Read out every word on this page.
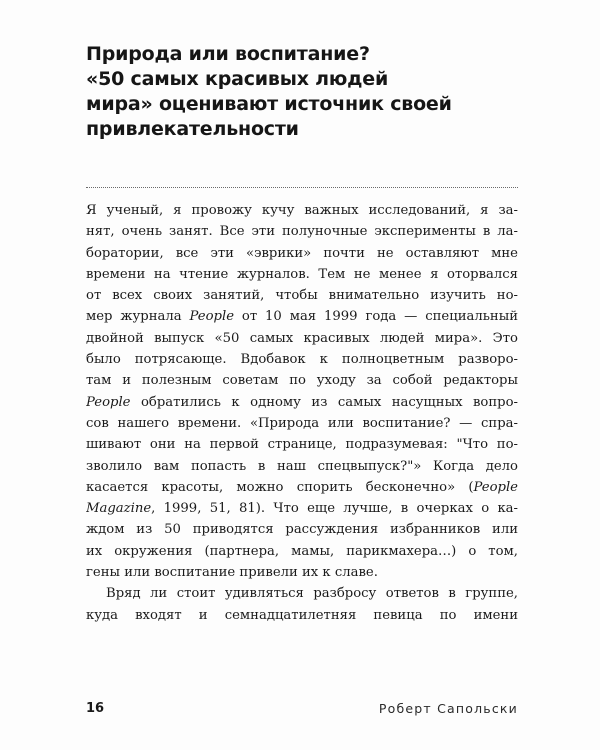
Природа или воспитание?
«50 самых красивых людей
мира» оценивают источник своей
привлекательности
Я ученый, я провожу кучу важных исследований, я за-
нят, очень занят. Все эти полуночные эксперименты в ла-
боратории, все эти «эврики» почти не оставляют мне
времени на чтение журналов. Тем не менее я оторвался
от всех своих занятий, чтобы внимательно изучить но-
мер журнала People от 10 мая 1999 года — специальный
двойной выпуск «50 самых красивых людей мира». Это
было потрясающе. Вдобавок к полноцветным разворо-
там и полезным советам по уходу за собой редакторы
People обратились к одному из самых насущных вопро-
сов нашего времени. «Природа или воспитание? — спра-
шивают они на первой странице, подразумевая: "Что по-
зволило вам попасть в наш спецвыпуск?"» Когда дело
касается красоты, можно спорить бесконечно» (People
Magazine, 1999, 51, 81). Что еще лучше, в очерках о ка-
ждом из 50 приводятся рассуждения избранников или
их окружения (партнера, мамы, парикмахера…) о том,
гены или воспитание привели их к славе.
Вряд ли стоит удивляться разбросу ответов в группе,
куда входят и семнадцатилетняя певица по имени
16	Роберт Сапольски
